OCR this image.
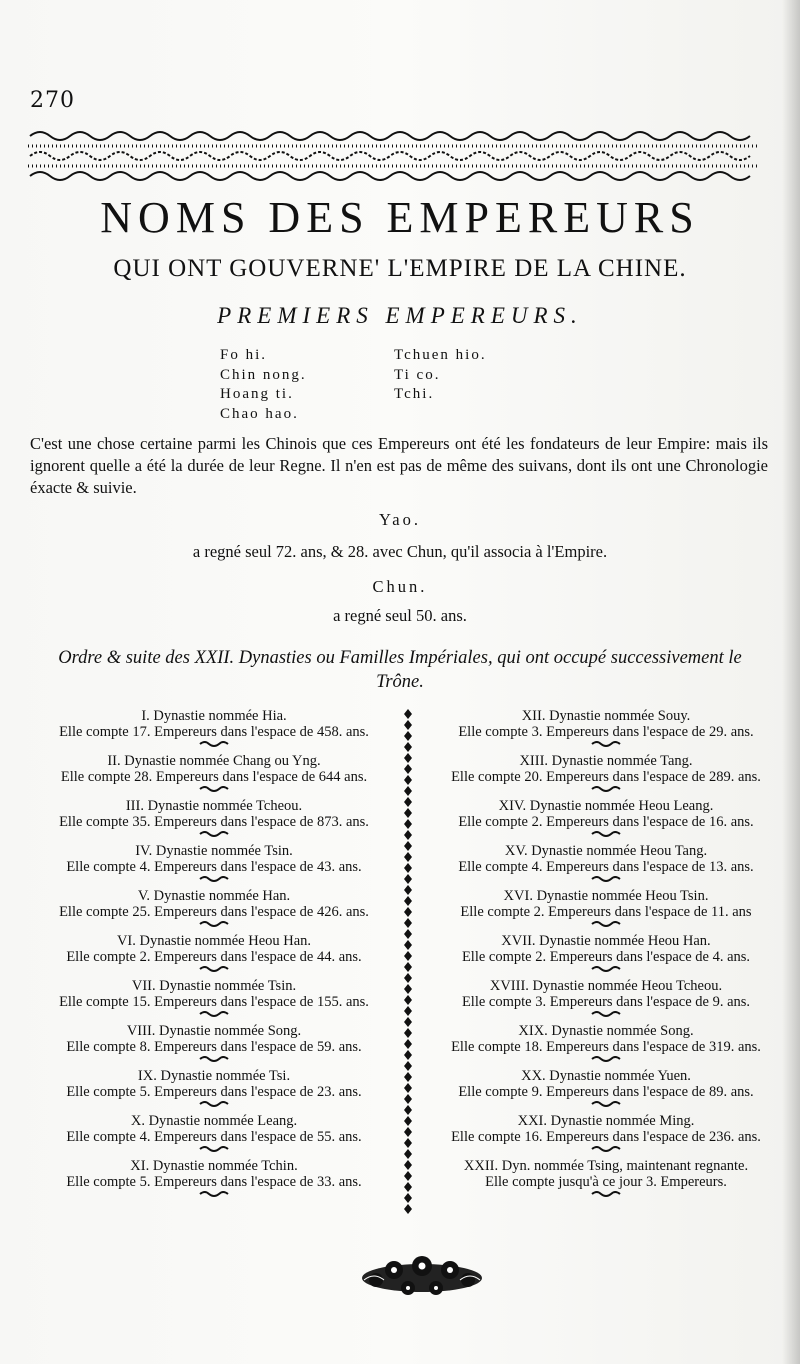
270
NOMS DES EMPEREURS
QUI ONT GOUVERNE' L'EMPIRE DE LA CHINE.
PREMIERS EMPEREURS.
Fo hi.
Chin nong.
Hoang ti.
Chao hao.
Tchuen hio.
Ti co.
Tchi.
C'est une chose certaine parmi les Chinois que ces Empereurs ont été les fondateurs de leur Empire: mais ils ignorent quelle a été la durée de leur Regne. Il n'en est pas de même des suivans, dont ils ont une Chronologie éxacte & suivie.
Yao.
a regné seul 72. ans, & 28. avec Chun, qu'il associa à l'Empire.
Chun.
a regné seul 50. ans.
Ordre & suite des XXII. Dynasties ou Familles Impériales, qui ont occupé successivement le Trône.
I. Dynastie nommée Hia.
Elle compte 17. Empereurs dans l'espace de 458. ans.
II. Dynastie nommée Chang ou Yng.
Elle compte 28. Empereurs dans l'espace de 644 ans.
III. Dynastie nommée Tcheou.
Elle compte 35. Empereurs dans l'espace de 873. ans.
IV. Dynastie nommée Tsin.
Elle compte 4. Empereurs dans l'espace de 43. ans.
V. Dynastie nommée Han.
Elle compte 25. Empereurs dans l'espace de 426. ans.
VI. Dynastie nommée Heou Han.
Elle compte 2. Empereurs dans l'espace de 44. ans.
VII. Dynastie nommée Tsin.
Elle compte 15. Empereurs dans l'espace de 155. ans.
VIII. Dynastie nommée Song.
Elle compte 8. Empereurs dans l'espace de 59. ans.
IX. Dynastie nommée Tsi.
Elle compte 5. Empereurs dans l'espace de 23. ans.
X. Dynastie nommée Leang.
Elle compte 4. Empereurs dans l'espace de 55. ans.
XI. Dynastie nommée Tchin.
Elle compte 5. Empereurs dans l'espace de 33. ans.
XII. Dynastie nommée Souy.
Elle compte 3. Empereurs dans l'espace de 29. ans.
XIII. Dynastie nommée Tang.
Elle compte 20. Empereurs dans l'espace de 289. ans.
XIV. Dynastie nommée Heou Leang.
Elle compte 2. Empereurs dans l'espace de 16. ans.
XV. Dynastie nommée Heou Tang.
Elle compte 4. Empereurs dans l'espace de 13. ans.
XVI. Dynastie nommée Heou Tsin.
Elle compte 2. Empereurs dans l'espace de 11. ans
XVII. Dynastie nommée Heou Han.
Elle compte 2. Empereurs dans l'espace de 4. ans.
XVIII. Dynastie nommée Heou Tcheou.
Elle compte 3. Empereurs dans l'espace de 9. ans.
XIX. Dynastie nommée Song.
Elle compte 18. Empereurs dans l'espace de 319. ans.
XX. Dynastie nommée Yuen.
Elle compte 9. Empereurs dans l'espace de 89. ans.
XXI. Dynastie nommée Ming.
Elle compte 16. Empereurs dans l'espace de 236. ans.
XXII. Dyn. nommée Tsing, maintenant regnante.
Elle compte jusqu'à ce jour 3. Empereurs.
